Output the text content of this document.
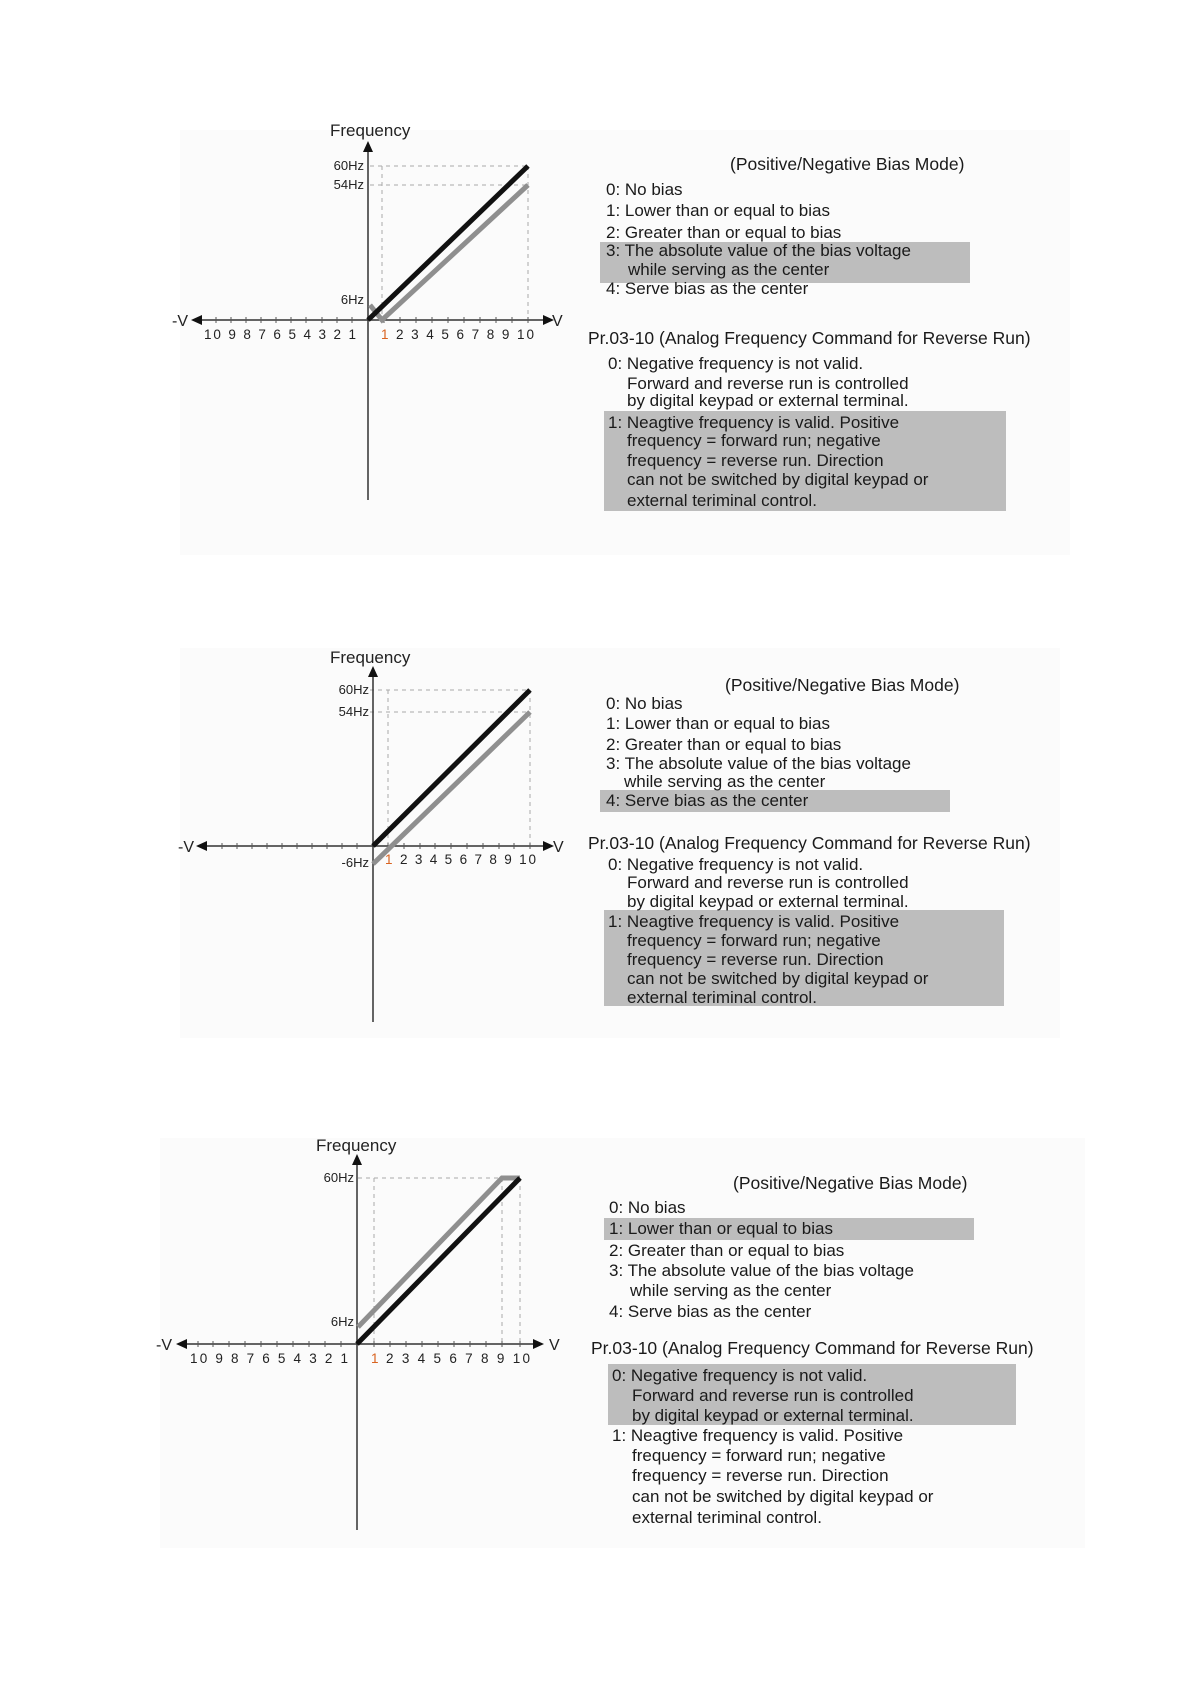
Frequency
60Hz
54Hz
6Hz
-V	V
10 9 8 7 6 5 4 3 2 1 1 2 3 4 5 6 7 8 9 10
(Positive/Negative Bias Mode)
0: No bias
1: Lower than or equal to bias
2: Greater than or equal to bias
3: The absolute value of the bias voltage
while serving as the center
4: Serve bias as the center
Pr.03-10 (Analog Frequency Command for Reverse Run)
0: Negative frequency is not valid.
Forward and reverse run is controlled
by digital keypad or external terminal.
1: Neagtive frequency is valid. Positive
frequency = forward run; negative
frequency = reverse run. Direction
can not be switched by digital keypad or
external teriminal control.
Frequency
60Hz
54Hz
-6Hz
-V	V
1 2 3 4 5 6 7 8 9 10
(Positive/Negative Bias Mode)
0: No bias
1: Lower than or equal to bias
2: Greater than or equal to bias
3: The absolute value of the bias voltage
while serving as the center
4: Serve bias as the center
Pr.03-10 (Analog Frequency Command for Reverse Run)
0: Negative frequency is not valid.
Forward and reverse run is controlled
by digital keypad or external terminal.
1: Neagtive frequency is valid. Positive
frequency = forward run; negative
frequency = reverse run. Direction
can not be switched by digital keypad or
external teriminal control.
Frequency
60Hz
6Hz
-V	V
10 9 8 7 6 5 4 3 2 1 1 2 3 4 5 6 7 8 9 10
(Positive/Negative Bias Mode)
0: No bias
1: Lower than or equal to bias
2: Greater than or equal to bias
3: The absolute value of the bias voltage
while serving as the center
4: Serve bias as the center
Pr.03-10 (Analog Frequency Command for Reverse Run)
0: Negative frequency is not valid.
Forward and reverse run is controlled
by digital keypad or external terminal.
1: Neagtive frequency is valid. Positive
frequency = forward run; negative
frequency = reverse run. Direction
can not be switched by digital keypad or
external teriminal control.
